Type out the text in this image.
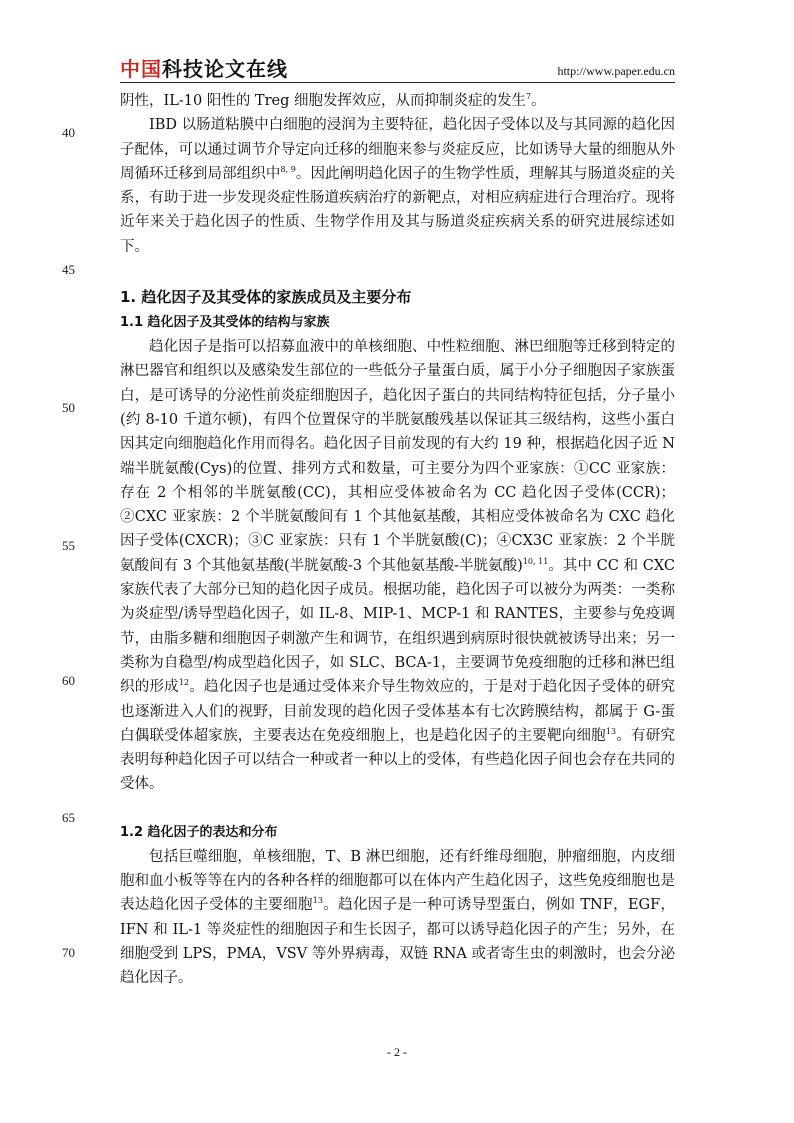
中国科技论文在线	http://www.paper.edu.cn
40
45
50
55
60
65
70

阴性，IL-10 阳性的 Treg 细胞发挥效应，从而抑制炎症的发生$^7$。

IBD 以肠道粘膜中白细胞的浸润为主要特征，趋化因子受体以及与其同源的趋化因子配体，可以通过调节介导定向迁移的细胞来参与炎症反应，比如诱导大量的细胞从外周循环迁移到局部组织中$^{8, 9}$。因此阐明趋化因子的生物学性质，理解其与肠道炎症的关系，有助于进一步发现炎症性肠道疾病治疗的新靶点，对相应病症进行合理治疗。现将近年来关于趋化因子的性质、生物学作用及其与肠道炎症疾病关系的研究进展综述如下。

1. 趋化因子及其受体的家族成员及主要分布

1.1 趋化因子及其受体的结构与家族

趋化因子是指可以招募血液中的单核细胞、中性粒细胞、淋巴细胞等迁移到特定的淋巴器官和组织以及感染发生部位的一些低分子量蛋白质，属于小分子细胞因子家族蛋白，是可诱导的分泌性前炎症细胞因子，趋化因子蛋白的共同结构特征包括，分子量小(约 8-10 千道尔顿)，有四个位置保守的半胱氨酸残基以保证其三级结构，这些小蛋白因其定向细胞趋化作用而得名。趋化因子目前发现的有大约 19 种，根据趋化因子近 N 端半胱氨酸(Cys)的位置、排列方式和数量，可主要分为四个亚家族：①CC 亚家族：存在 2 个相邻的半胱氨酸(CC)，其相应受体被命名为 CC 趋化因子受体(CCR)；②CXC 亚家族：2 个半胱氨酸间有 1 个其他氨基酸，其相应受体被命名为 CXC 趋化因子受体(CXCR)；③C 亚家族：只有 1 个半胱氨酸(C)；④CX3C 亚家族：2 个半胱氨酸间有 3 个其他氨基酸(半胱氨酸-3 个其他氨基酸-半胱氨酸)$^{10, 11}$。其中 CC 和 CXC 家族代表了大部分已知的趋化因子成员。根据功能，趋化因子可以被分为两类：一类称为炎症型/诱导型趋化因子，如 IL-8、MIP-1、MCP-1 和 RANTES，主要参与免疫调节，由脂多糖和细胞因子刺激产生和调节，在组织遇到病原时很快就被诱导出来；另一类称为自稳型/构成型趋化因子，如 SLC、BCA-1，主要调节免疫细胞的迁移和淋巴组织的形成$^{12}$。趋化因子也是通过受体来介导生物效应的，于是对于趋化因子受体的研究也逐渐进入人们的视野，目前发现的趋化因子受体基本有七次跨膜结构，都属于 G-蛋白偶联受体超家族，主要表达在免疫细胞上，也是趋化因子的主要靶向细胞$^{13}$。有研究表明每种趋化因子可以结合一种或者一种以上的受体，有些趋化因子间也会存在共同的受体。

1.2 趋化因子的表达和分布

包括巨噬细胞，单核细胞，T、B 淋巴细胞，还有纤维母细胞，肿瘤细胞，内皮细胞和血小板等等在内的各种各样的细胞都可以在体内产生趋化因子，这些免疫细胞也是表达趋化因子受体的主要细胞$^{13}$。趋化因子是一种可诱导型蛋白，例如 TNF，EGF，IFN 和 IL-1 等炎症性的细胞因子和生长因子，都可以诱导趋化因子的产生；另外，在细胞受到 LPS，PMA，VSV 等外界病毒，双链 RNA 或者寄生虫的刺激时，也会分泌趋化因子。

- 2 -
